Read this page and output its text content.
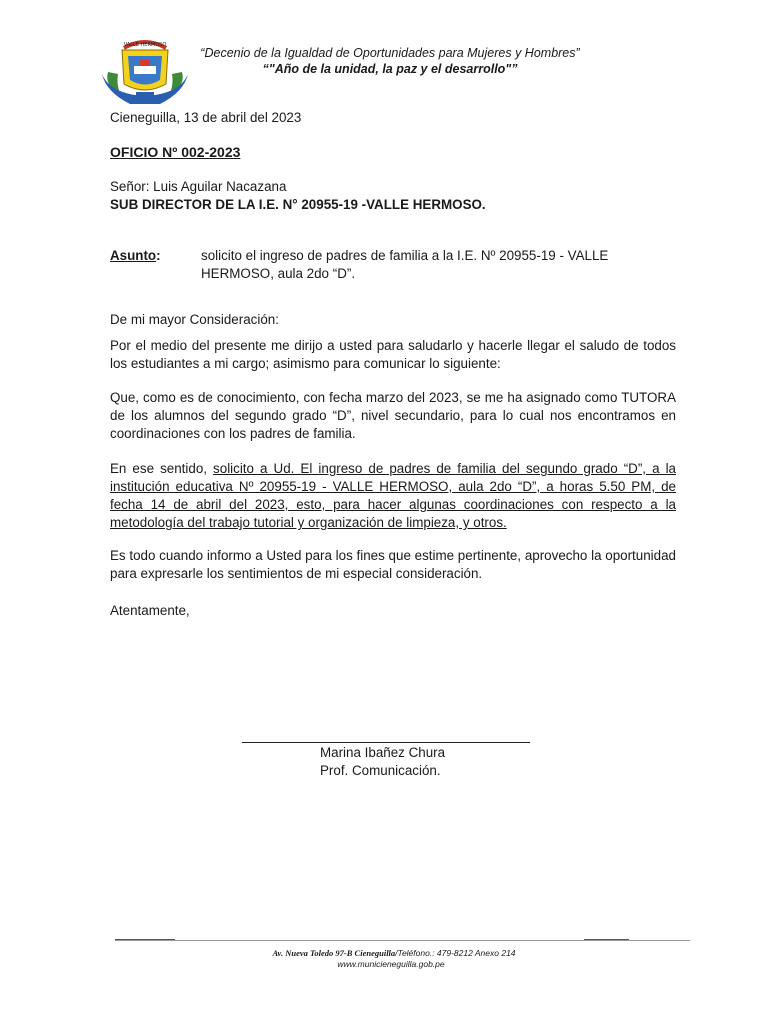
VALLE HERMOSO
“Decenio de la Igualdad de Oportunidades para Mujeres y Hombres”
“"Año de la unidad, la paz y el desarrollo"”
Cieneguilla, 13 de abril del 2023
OFICIO Nº 002-2023
Señor: Luis Aguilar Nacazana
SUB DIRECTOR DE LA I.E. N° 20955-19 -VALLE HERMOSO.
Asunto:	solicito el ingreso de padres de familia a la I.E. Nº 20955-19 - VALLE HERMOSO, aula 2do “D”.
De mi mayor Consideración:
Por el medio del presente me dirijo a usted para saludarlo y hacerle llegar el saludo de todos los estudiantes a mi cargo; asimismo para comunicar lo siguiente:
Que, como es de conocimiento, con fecha marzo del 2023, se me ha asignado como TUTORA de los alumnos del segundo grado “D”, nivel secundario, para lo cual nos encontramos en coordinaciones con los padres de familia.
En ese sentido, solicito a Ud. El ingreso de padres de familia del segundo grado “D”, a la institución educativa Nº 20955-19 - VALLE HERMOSO, aula 2do “D”, a horas 5.50 PM, de fecha 14 de abril del 2023, esto, para hacer algunas coordinaciones con respecto a la metodología del trabajo tutorial y organización de limpieza, y otros.
Es todo cuando informo a Usted para los fines que estime pertinente, aprovecho la oportunidad para expresarle los sentimientos de mi especial consideración.
Atentamente,
Marina Ibañez Chura
Prof. Comunicación.
Av. Nueva Toledo 97-B Cieneguilla/Teléfono.: 479-8212 Anexo 214
www.municieneguilla.gob.pe
